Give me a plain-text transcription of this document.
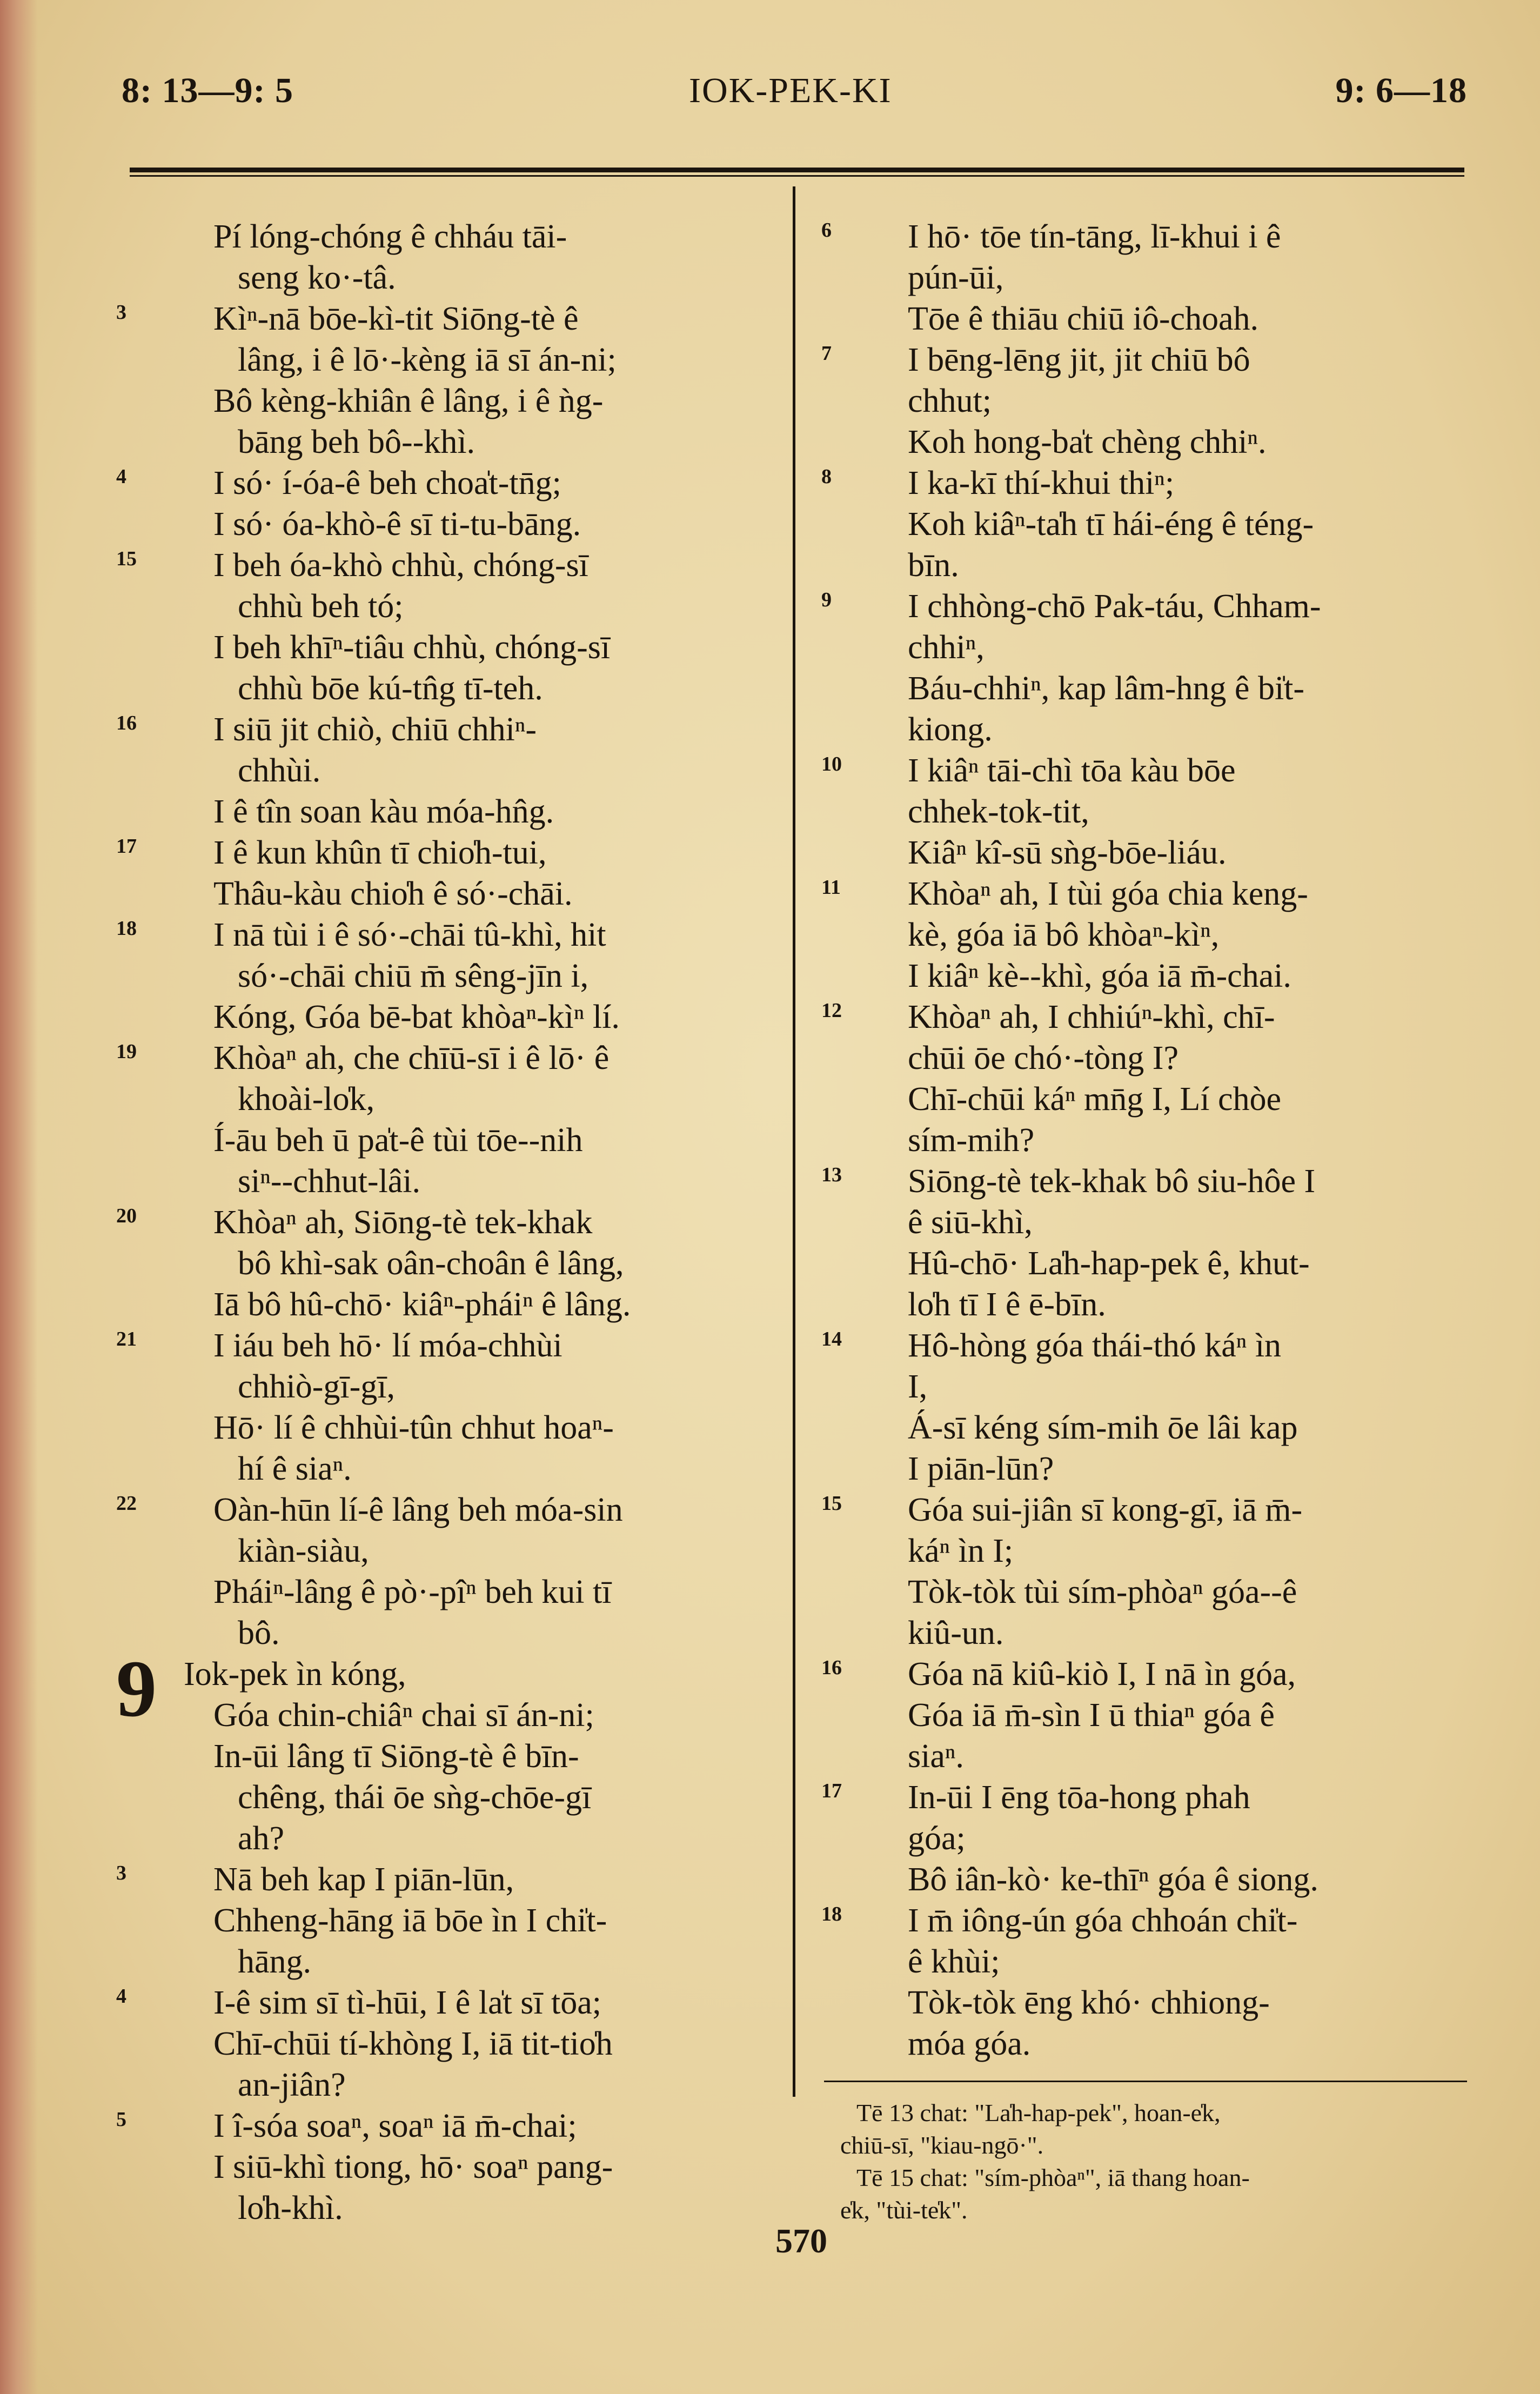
8: 13—9: 5	IOK-PEK-KI	9: 6—18
Pí lóng-chóng ê chháu tāi-
seng ko·-tâ.
3	Kìⁿ-nā bōe-kì-tit Siōng-tè ê
lâng, i ê lō·-kèng iā sī án-ni;
Bô kèng-khiân ê lâng, i ê ǹg-
bāng beh bô--khì.
4	I só· í-óa-ê beh choa̍t-tn̄g;
I só· óa-khò-ê sī ti-tu-bāng.
15 I beh óa-khò chhù, chóng-sī
chhù beh tó;
I beh khīⁿ-tiâu chhù, chóng-sī
chhù bōe kú-tn̂g tī-teh.
16 I siū jit chiò, chiū chhiⁿ-
chhùi.
I ê tîn soan kàu móa-hn̂g.
17 I ê kun khûn tī chio̍h-tui,
Thâu-kàu chio̍h ê só·-chāi.
18 I nā tùi i ê só·-chāi tû-khì, hit
só·-chāi chiū m̄ sêng-jīn i,
Kóng, Góa bē-bat khòaⁿ-kìⁿ lí.
19 Khòaⁿ ah, che chīū-sī i ê lō· ê
khoài-lo̍k,
Í-āu beh ū pa̍t-ê tùi tōe--nih
siⁿ--chhut-lâi.
20 Khòaⁿ ah, Siōng-tè tek-khak
bô khì-sak oân-choân ê lâng,
Iā bô hû-chō· kiâⁿ-pháiⁿ ê lâng.
21 I iáu beh hō· lí móa-chhùi
chhiò-gī-gī,
Hō· lí ê chhùi-tûn chhut hoaⁿ-
hí ê siaⁿ.
22 Oàn-hūn lí-ê lâng beh móa-sin
kiàn-siàu,
Pháiⁿ-lâng ê pò·-pîⁿ beh kui tī
bô.
9 Iok-pek ìn kóng,
Góa chin-chiâⁿ chai sī án-ni;
In-ūi lâng tī Siōng-tè ê bīn-
chêng, thái ōe sǹg-chōe-gī
ah?
3	Nā beh kap I piān-lūn,
Chheng-hāng iā bōe ìn I chi̍t-
hāng.
4	I-ê sim sī tì-hūi, I ê la̍t sī tōa;
Chī-chūi tí-khòng I, iā tit-tio̍h
an-jiân?
5	I î-sóa soaⁿ, soaⁿ iā m̄-chai;
I siū-khì tiong, hō· soaⁿ pang-
lo̍h-khì.
6 I hō· tōe tín-tāng, lī-khui i ê
pún-ūi,
Tōe ê thiāu chiū iô-choah.
7 I bēng-lēng jit, jit chiū bô
chhut;
Koh hong-ba̍t chèng chhiⁿ.
8 I ka-kī thí-khui thiⁿ;
Koh kiâⁿ-ta̍h tī hái-éng ê téng-
bīn.
9 I chhòng-chō Pak-táu, Chham-
chhiⁿ,
Báu-chhiⁿ, kap lâm-hng ê bi̍t-
kiong.
10 I kiâⁿ tāi-chì tōa kàu bōe
chhek-tok-tit,
Kiâⁿ kî-sū sǹg-bōe-liáu.
11 Khòaⁿ ah, I tùi góa chia keng-
kè, góa iā bô khòaⁿ-kìⁿ,
I kiâⁿ kè--khì, góa iā m̄-chai.
12 Khòaⁿ ah, I chhiúⁿ-khì, chī-
chūi ōe chó·-tòng I?
Chī-chūi káⁿ mn̄g I, Lí chòe
sím-mih?
13 Siōng-tè tek-khak bô siu-hôe I
ê siū-khì,
Hû-chō· La̍h-hap-pek ê, khut-
lo̍h tī I ê ē-bīn.
14 Hô-hòng góa thái-thó káⁿ ìn
I,
Á-sī kéng sím-mih ōe lâi kap
I piān-lūn?
15 Góa sui-jiân sī kong-gī, iā m̄-
káⁿ ìn I;
Tòk-tòk tùi sím-phòaⁿ góa--ê
kiû-un.
16 Góa nā kiû-kiò I, I nā ìn góa,
Góa iā m̄-sìn I ū thiaⁿ góa ê
siaⁿ.
17 In-ūi I ēng tōa-hong phah
góa;
Bô iân-kò· ke-thīⁿ góa ê siong.
18 I m̄ iông-ún góa chhoán chi̍t-
ê khùi;
Tòk-tòk ēng khó· chhiong-
móa góa.
Tē 13 chat: "La̍h-hap-pek", hoan-e̍k,
chiū-sī, "kiau-ngō·".
Tē 15 chat: "sím-phòaⁿ", iā thang hoan-
e̍k, "tùi-te̍k".
570
